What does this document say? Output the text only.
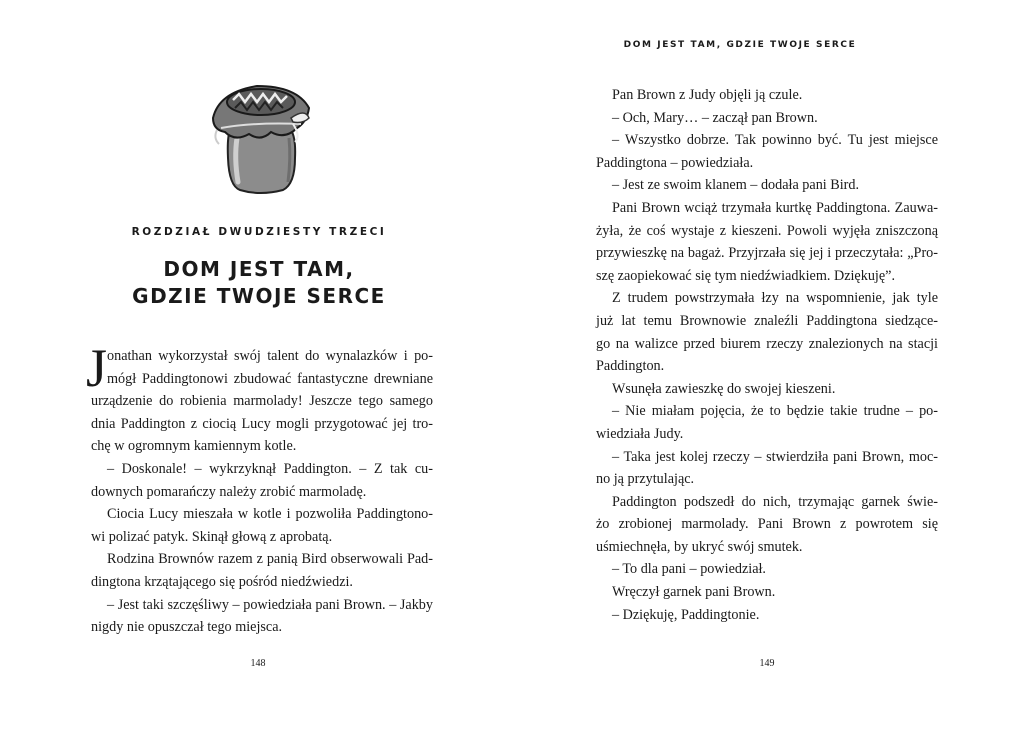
ROZDZIAŁ DWUDZIESTY TRZECI
DOM JEST TAM,
GDZIE TWOJE SERCE
J onathan wykorzystał swój talent do wynalazków i po-
mógł Paddingtonowi zbudować fantastyczne drewniane
urządzenie do robienia marmolady! Jeszcze tego samego
dnia Paddington z ciocią Lucy mogli przygotować jej tro-
chę w ogromnym kamiennym kotle.
– Doskonale! – wykrzyknął Paddington. – Z tak cu-
downych pomarańczy należy zrobić marmoladę.
Ciocia Lucy mieszała w kotle i pozwoliła Paddingtono-
wi polizać patyk. Skinął głową z aprobatą.
Rodzina Brownów razem z panią Bird obserwowali Pad-
dingtona krzątającego się pośród niedźwiedzi.
– Jest taki szczęśliwy – powiedziała pani Brown. – Jakby
nigdy nie opuszczał tego miejsca.
148
DOM JEST TAM, GDZIE TWOJE SERCE
Pan Brown z Judy objęli ją czule.
– Och, Mary… – zaczął pan Brown.
– Wszystko dobrze. Tak powinno być. Tu jest miejsce
Paddingtona – powiedziała.
– Jest ze swoim klanem – dodała pani Bird.
Pani Brown wciąż trzymała kurtkę Paddingtona. Zauwa-
żyła, że coś wystaje z kieszeni. Powoli wyjęła zniszczoną
przywieszkę na bagaż. Przyjrzała się jej i przeczytała: „Pro-
szę zaopiekować się tym niedźwiadkiem. Dziękuję”.
Z trudem powstrzymała łzy na wspomnienie, jak tyle
już lat temu Brownowie znaleźli Paddingtona siedzące-
go na walizce przed biurem rzeczy znalezionych na stacji
Paddington.
Wsunęła zawieszkę do swojej kieszeni.
– Nie miałam pojęcia, że to będzie takie trudne – po-
wiedziała Judy.
– Taka jest kolej rzeczy – stwierdziła pani Brown, moc-
no ją przytulając.
Paddington podszedł do nich, trzymając garnek świe-
żo zrobionej marmolady. Pani Brown z powrotem się
uśmiechnęła, by ukryć swój smutek.
– To dla pani – powiedział.
Wręczył garnek pani Brown.
– Dziękuję, Paddingtonie.
149
